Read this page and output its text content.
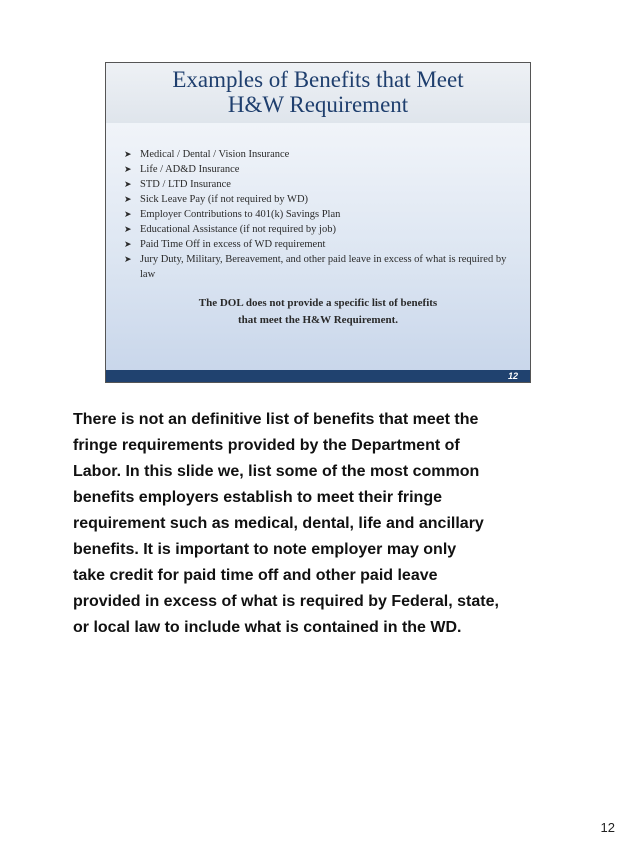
Examples of Benefits that Meet
H&W Requirement
➤ Medical / Dental / Vision Insurance
➤ Life / AD&D Insurance
➤ STD / LTD Insurance
➤ Sick Leave Pay (if not required by WD)
➤ Employer Contributions to 401(k) Savings Plan
➤ Educational Assistance (if not required by job)
➤ Paid Time Off in excess of WD requirement
➤ Jury Duty, Military, Bereavement, and other paid leave in excess of what is required by law
The DOL does not provide a specific list of benefits
that meet the H&W Requirement.
12

There is not an definitive list of benefits that meet the

fringe requirements provided by the Department of

Labor. In this slide we, list some of the most common

benefits employers establish to meet their fringe

requirement such as medical, dental, life and ancillary

benefits. It is important to note employer may only

take credit for paid time off and other paid leave

provided in excess of what is required by Federal, state,

or local law to include what is contained in the WD.

12
